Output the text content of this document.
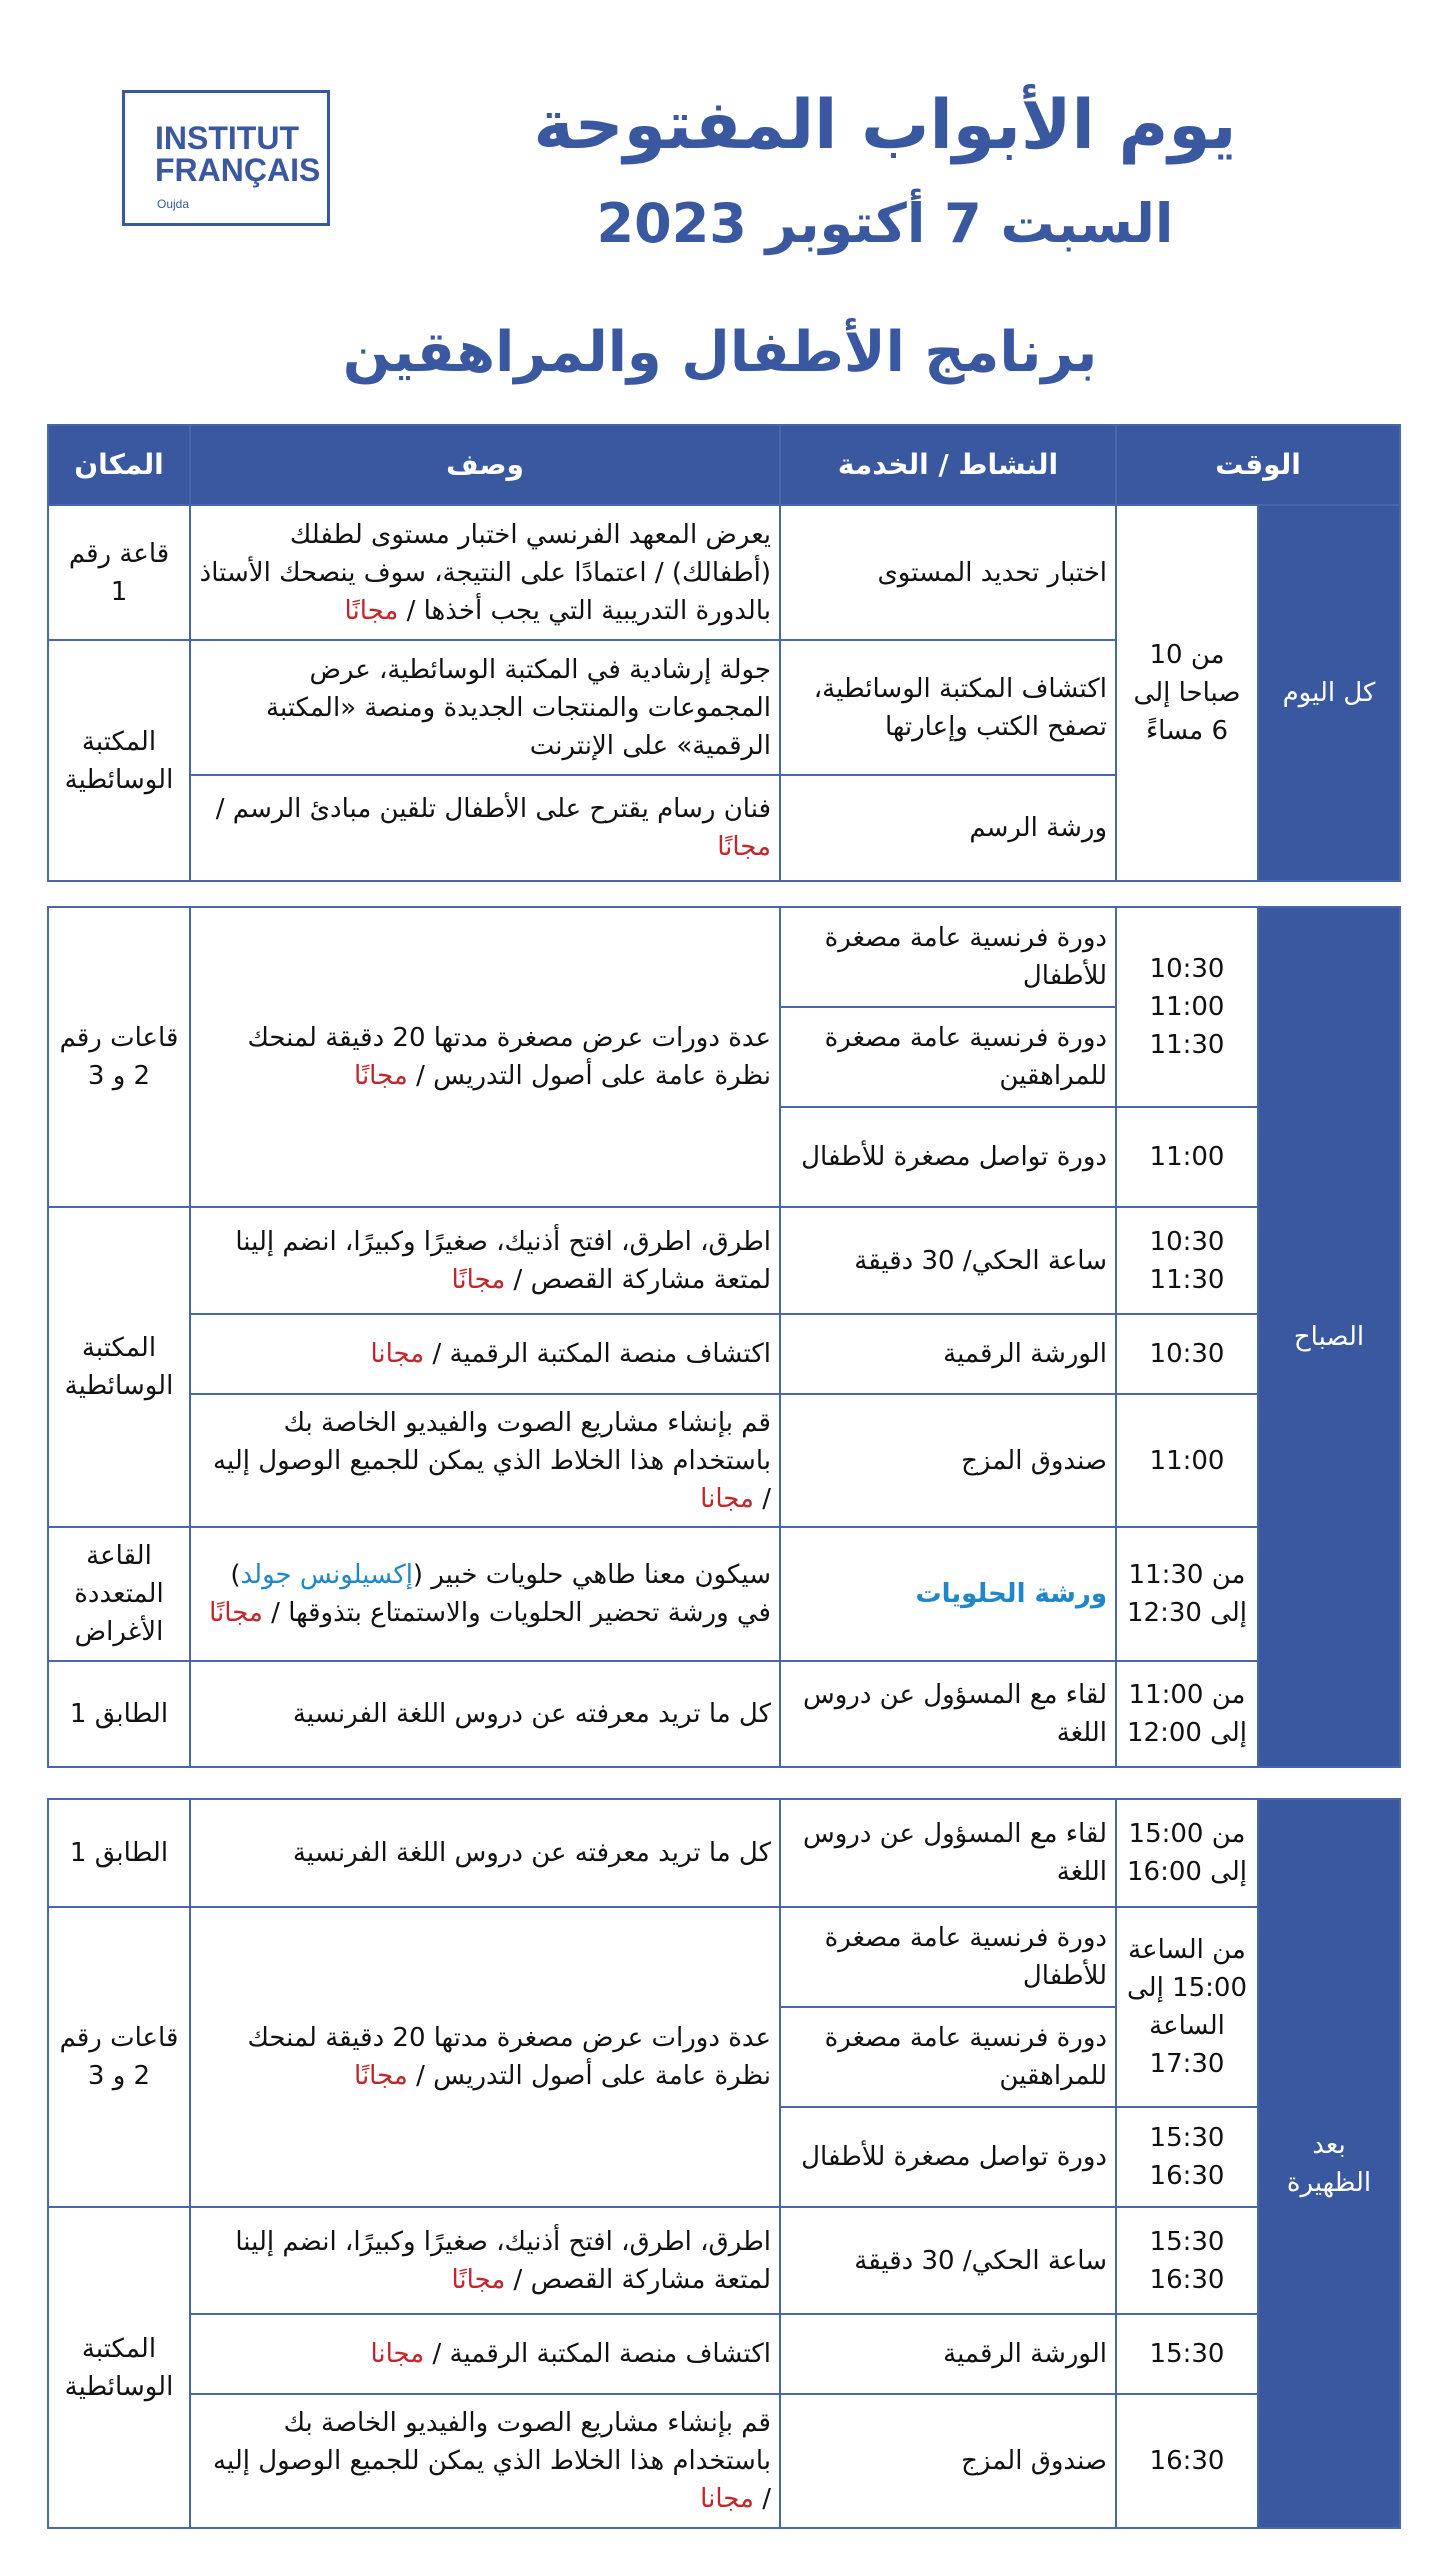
INSTITUT
FRANÇAIS
Oujda
يوم الأبواب المفتوحة
السبت 7 أكتوبر 2023
برنامج الأطفال والمراهقين
الوقت		النشاط / الخدمة	وصف	المكان
كل اليوم	من 10 صباحا إلى 6 مساءً	اختبار تحديد المستوى	يعرض المعهد الفرنسي اختبار مستوى لطفلك (أطفالك) / اعتمادًا على النتيجة، سوف ينصحك الأستاذ بالدورة التدريبية التي يجب أخذها / مجانًا	قاعة رقم 1
		اكتشاف المكتبة الوسائطية، تصفح الكتب وإعارتها	جولة إرشادية في المكتبة الوسائطية، عرض المجموعات والمنتجات الجديدة ومنصة «المكتبة الرقمية» على الإنترنت	المكتبة الوسائطية
		ورشة الرسم	فنان رسام يقترح على الأطفال تلقين مبادئ الرسم / مجانًا	
الصباح	10:30 11:00 11:30	دورة فرنسية عامة مصغرة للأطفال	عدة دورات عرض مصغرة مدتها 20 دقيقة لمنحك نظرة عامة على أصول التدريس / مجانًا	قاعات رقم 2 و 3
		دورة فرنسية عامة مصغرة للمراهقين		
	11:00	دورة تواصل مصغرة للأطفال		
	10:30 11:30	ساعة الحكي/ 30 دقيقة	اطرق، اطرق، افتح أذنيك، صغيرًا وكبيرًا، انضم إلينا لمتعة مشاركة القصص / مجانًا	المكتبة الوسائطية
	10:30	الورشة الرقمية	اكتشاف منصة المكتبة الرقمية / مجانا	
	11:00	صندوق المزج	قم بإنشاء مشاريع الصوت والفيديو الخاصة بك باستخدام هذا الخلاط الذي يمكن للجميع الوصول إليه / مجانا	
	من 11:30 إلى 12:30	ورشة الحلويات	سيكون معنا طاهي حلويات خبير (إكسيلونس جولد) في ورشة تحضير الحلويات والاستمتاع بتذوقها / مجانًا	القاعة المتعددة الأغراض
	من 11:00 إلى 12:00	لقاء مع المسؤول عن دروس اللغة	كل ما تريد معرفته عن دروس اللغة الفرنسية	الطابق 1
بعد الظهيرة	من 15:00 إلى 16:00	لقاء مع المسؤول عن دروس اللغة	كل ما تريد معرفته عن دروس اللغة الفرنسية	الطابق 1
	من الساعة 15:00 إلى الساعة 17:30	دورة فرنسية عامة مصغرة للأطفال	عدة دورات عرض مصغرة مدتها 20 دقيقة لمنحك نظرة عامة على أصول التدريس / مجانًا	قاعات رقم 2 و 3
		دورة فرنسية عامة مصغرة للمراهقين		
	15:30 16:30	دورة تواصل مصغرة للأطفال		
	15:30 16:30	ساعة الحكي/ 30 دقيقة	اطرق، اطرق، افتح أذنيك، صغيرًا وكبيرًا، انضم إلينا لمتعة مشاركة القصص / مجانًا	المكتبة الوسائطية
	15:30	الورشة الرقمية	اكتشاف منصة المكتبة الرقمية / مجانا	
	16:30	صندوق المزج	قم بإنشاء مشاريع الصوت والفيديو الخاصة بك باستخدام هذا الخلاط الذي يمكن للجميع الوصول إليه / مجانا	
